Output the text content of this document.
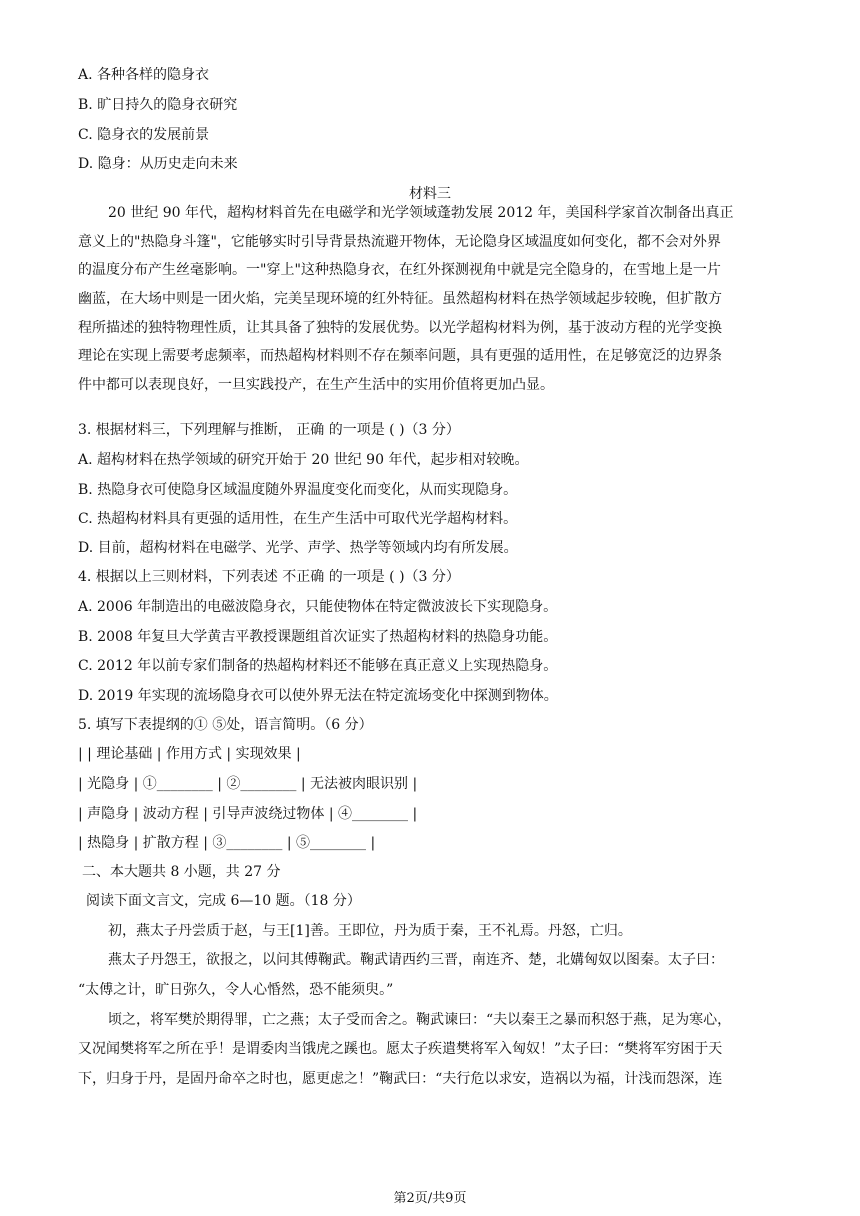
A. 各种各样的隐身衣
B. 旷日持久的隐身衣研究
C. 隐身衣的发展前景
D. 隐身：从历史走向未来
材料三
20 世纪 90 年代，超构材料首先在电磁学和光学领域蓬勃发展 2012 年，美国科学家首次制备出真正
意义上的"热隐身斗篷"，它能够实时引导背景热流避开物体，无论隐身区域温度如何变化，都不会对外界
的温度分布产生丝毫影响。一"穿上"这种热隐身衣，在红外探测视角中就是完全隐身的，在雪地上是一片
幽蓝，在大场中则是一团火焰，完美呈现环境的红外特征。虽然超构材料在热学领域起步较晚，但扩散方
程所描述的独特物理性质，让其具备了独特的发展优势。以光学超构材料为例，基于波动方程的光学变换
理论在实现上需要考虑频率，而热超构材料则不存在频率问题，具有更强的适用性，在足够宽泛的边界条
件中都可以表现良好，一旦实践投产，在生产生活中的实用价值将更加凸显。
3. 根据材料三，下列理解与推断， 正确 的一项是 ( )（3 分）
A. 超构材料在热学领域的研究开始于 20 世纪 90 年代，起步相对较晚。
B. 热隐身衣可使隐身区域温度随外界温度变化而变化，从而实现隐身。
C. 热超构材料具有更强的适用性，在生产生活中可取代光学超构材料。
D. 目前，超构材料在电磁学、光学、声学、热学等领域内均有所发展。
4. 根据以上三则材料，下列表述 不正确 的一项是 ( )（3 分）
A. 2006 年制造出的电磁波隐身衣，只能使物体在特定微波波长下实现隐身。
B. 2008 年复旦大学黄吉平教授课题组首次证实了热超构材料的热隐身功能。
C. 2012 年以前专家们制备的热超构材料还不能够在真正意义上实现热隐身。
D. 2019 年实现的流场隐身衣可以使外界无法在特定流场变化中探测到物体。
5. 填写下表提纲的① ⑤处，语言简明。（6 分）
| | 理论基础 | 作用方式 | 实现效果 |
| 光隐身 | ①________ | ②________ | 无法被肉眼识别 |
| 声隐身 | 波动方程 | 引导声波绕过物体 | ④________ |
| 热隐身 | 扩散方程 | ③________ | ⑤________ |
二、本大题共 8 小题，共 27 分
阅读下面文言文，完成 6—10 题。（18 分）
初，燕太子丹尝质于赵，与王[1]善。王即位，丹为质于秦，王不礼焉。丹怒，亡归。
燕太子丹怨王，欲报之，以问其傅鞠武。鞠武请西约三晋，南连齐、楚，北媾匈奴以图秦。太子曰：
“太傅之计，旷日弥久，令人心惛然，恐不能须臾。”
顷之，将军樊於期得罪，亡之燕；太子受而舍之。鞠武谏曰：“夫以秦王之暴而积怒于燕，足为寒心，
又况闻樊将军之所在乎！是谓委肉当饿虎之蹊也。愿太子疾遣樊将军入匈奴！”太子曰：“樊将军穷困于天
下，归身于丹，是固丹命卒之时也，愿更虑之！”鞠武曰：“夫行危以求安，造祸以为福，计浅而怨深，连
第2页/共9页
